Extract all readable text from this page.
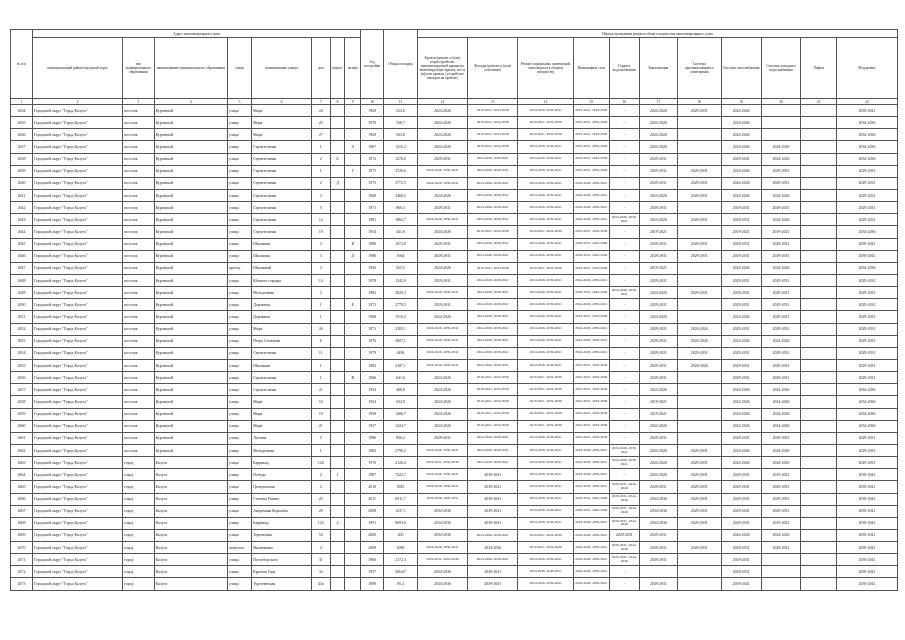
№ п/п	Адрес многоквартирного дома								Год постройки	Общая площадь	Период проведения ремонта общего имущества многоквартирного дома										
	муниципальный район/городской округ	тип муниципального образования	наименование муниципального образования	улица	наименование улицы	дом	корпус	литера			Кровля (ремонт и (или) переустройство невентилируемой крыши на вентилируемую крышу, мет и (и)утеп кровли, (устройство выходов на кровлю)	Фасады (ремонт и (или) утепление)	Ремонт подвальных помещений, относящихся к общему имуществу	Инженерные сети	Горячее водоснабжение	Канализация	Система противопожарного оповещения	Система газоснабжения	Система холодного водоснабжения	Лифты	Фундамент
1	2	3	4	5	6	7	8	9	10	11	12	13	14	15	16	17	18	19	20	21	22
2634	Городской округ "Город Калуга"	поселок	Куровской	улица	Мира	24			1968	524,6	2024-2026	2019-2021, 2034-2036	2024-2026, 2039-2041	2019-2021, 2034-2036	-	2024-2026	2029-2031	2024-2026			2039-2041
2635	Городской округ "Город Калуга"	поселок	Куровской	улица	Мира	25			1970	538,7	2024-2026	2019-2021, 2034-2036	2019-2021, 2034-2036	2019-2021, 2034-2036	-	2024-2026		2024-2026			2034-2036
2636	Городской округ "Город Калуга"	поселок	Куровской	улица	Мира	27			1968	563,8	2024-2026	2019-2021, 2034-2036	2019-2021, 2034-2036	2019-2021, 2034-2036	-	2024-2026		2024-2026			2034-2036
2637	Городской округ "Город Калуга"	поселок	Куровской	улица	Строительная	1		А	1967	1215,2	2024-2026	2019-2021, 2034-2036	2024-2026, 2039-2041	2019-2021, 2034-2036	-	2024-2026		2024-2026	2024-2026		2034-2036
2638	Городской округ "Город Калуга"	поселок	Куровской	улица	Строительная	2	Б		1972	1276,6	2029-2031	2024-2026, 2039-2041	2024-2026, 2039-2041	2019-2021, 2034-2036	-	2029-2031		2029-2031	2024-2026		2034-2036
2639	Городской округ "Город Калуга"	поселок	Куровской	улица	Строительная	1		Г	1975	3726,6	2024-2026, 2039-2041	2024-2026, 2039-2041	2024-2026, 2039-2041	2019-2021, 2034-2036	-	2029-2031	2029-2031	2024-2026	2029-2031		2029-2031
2640	Городской округ "Город Калуга"	поселок	Куровской	улица	Строительная	2	Д		1975	3772,5	2024-2026, 2039-2041	2024-2026, 2039-2041	2024-2026, 2039-2041	2024-2026, 2039-2041	-	2029-2031	2029-2031	2024-2026	2029-2031		2029-2031
2641	Городской округ "Город Калуга"	поселок	Куровской	улица	Строительная	3			1968	2466,5	2024-2026	2024-2026, 2039-2041	2024-2026, 2039-2041	2024-2026, 2039-2041	-	2024-2026	2029-2031	2024-2026	2024-2026		2029-2031
2642	Городской округ "Город Калуга"	поселок	Куровской	улица	Строительная	5			1971	860,3	2029-2031	2024-2026, 2039-2041	2024-2026, 2039-2041	2024-2026, 2039-2041	-	2029-2031		2029-2031	2029-2031		2029-2031
2643	Городской округ "Город Калуга"	поселок	Куровской	улица	Строительная	12			1981	1862,7	2024-2026, 2039-2041	2024-2026, 2039-2041	2024-2026, 2039-2041	2024-2026, 2039-2041	2024-2026, 2039-2041	2024-2026	2029-2031	2029-2031	2024-2026		2029-2031
2644	Городской округ "Город Калуга"	поселок	Куровской	улица	Строительная	19			1954	441,6	2024-2026	2019-2021, 2034-2036	2019-2021, 2034-2036	2019-2021, 2034-2036	-	2019-2021		2019-2021	2019-2021		2034-2036
2645	Городской округ "Город Калуга"	поселок	Куровской	улица	Школьная	3		В	1986	1672,8	2029-2031	2024-2026, 2039-2041	2024-2026, 2039-2041	2029-2031, 2044-2046	-	2029-2031	2029-2031	2029-2031	2029-2031		2039-2041
2646	Городской округ "Город Калуга"	поселок	Куровской	улица	Школьная	3		Д	1986	1664	2029-2031	2024-2026, 2039-2041	2024-2026, 2039-2041	2029-2031, 2044-2046	-	2029-2031	2029-2031	2029-2031	2029-2031		2039-2041
2647	Городской округ "Город Калуга"	поселок	Куровской	проезд	Школьный	3			1956	925,5	2024-2026	2019-2021, 2034-2036	2019-2021, 2034-2036	2019-2021, 2034-2036	-	2019-2021		2024-2026	2024-2026		2034-2036
2648	Городской округ "Город Калуга"	поселок	Куровской	улица	Южного городка	14			1978	1342,9	2029-2031	2024-2026, 2039-2041	2024-2026, 2039-2041	2024-2026, 2039-2041	-	2029-2031		2029-2031	2029-2031		2029-2031
2649	Городской округ "Город Калуга"	поселок	Куровской	улица	Молодежная	3			1982	3020,3	2024-2026, 2039-2041	2024-2026, 2039-2041	2024-2026, 2039-2041	2029-2031, 2044-2046	2024-2026, 2039-2041	2024-2026	2029-2031	2029-2031	2029-2031		2029-2031
2650	Городской округ "Город Калуга"	поселок	Куровской	улица	Дорожная	1		Б	1972	3778,5	2029-2031	2024-2026, 2039-2041	2024-2026, 2039-2041	2024-2026, 2039-2041	-	2029-2031		2029-2031	2029-2031		2029-2031
2651	Городской округ "Город Калуга"	поселок	Куровской	улица	Дорожная	1			1968	1519,2	2024-2026	2024-2026, 2039-2041	2024-2026, 2039-2041	2019-2021, 2034-2036	-	2024-2026		2024-2026	2029-2031		2029-2031
2652	Городской округ "Город Калуга"	поселок	Куровской	улица	Мира	26			1971	2305,1	2024-2026, 2039-2041	2024-2026, 2039-2041	2024-2026, 2039-2041	2024-2026, 2039-2041	-	2029-2031	2024-2026	2029-2031	2029-2031		2029-2031
2653	Городской округ "Город Калуга"	поселок	Куровской	улица	Петра Семенова	6			1976	3007,1	2024-2026, 2039-2041	2024-2026, 2039-2041	2024-2026, 2039-2041	2024-2026, 2039-2041	-	2029-2031	2024-2026	2024-2026	2024-2026		2029-2031
2654	Городской округ "Город Калуга"	поселок	Куровской	улица	Строительная	11			1979	4490	2024-2026, 2039-2041	2024-2026, 2039-2041	2024-2026, 2039-2041	2024-2026, 2039-2041	-	2029-2031	2029-2031	2029-2031	2029-2031		2029-2031
2655	Городской округ "Город Калуга"	поселок	Куровской	улица	Школьная	1			1982	4187,1	2024-2026, 2039-2041	2024-2026, 2039-2041	2024-2026, 2039-2041	2019-2021, 2034-2036	-	2029-2031	2024-2026	2029-2031	2029-2031		2029-2031
2656	Городской округ "Город Калуга"	поселок	Куровской	улица	Строительная	1		В	1966	641,6	2024-2026	2019-2021, 2034-2036	2019-2021, 2034-2036	2019-2021, 2034-2036	-	2029-2031		2029-2031	2029-2031		2029-2031
2657	Городской округ "Город Калуга"	поселок	Куровской	улица	Строительная	21			1954	408,9	2024-2026	2019-2021, 2034-2036	2019-2021, 2034-2036	2019-2021, 2034-2036	-	2024-2026		2024-2026	2024-2026		2034-2036
2658	Городской округ "Город Калуга"	поселок	Куровской	улица	Мира	16			1954	632,9	2024-2026	2019-2021, 2034-2036	2019-2021, 2034-2036	2019-2021, 2034-2036	-	2019-2021		2024-2026	2024-2026		2034-2036
2659	Городской округ "Город Калуга"	поселок	Куровской	улица	Мира	19			1958	1406,7	2024-2026	2019-2021, 2034-2036	2019-2021, 2034-2036	2019-2021, 2034-2036	-	2019-2021		2024-2026	2024-2026		2034-2036
2660	Городской округ "Город Калуга"	поселок	Куровской	улица	Мира	21			1957	1324,7	2024-2026	2019-2021, 2034-2036	2019-2021, 2034-2036	2019-2021, 2034-2036	-	2024-2026		2024-2026	2024-2026		2034-2036
2661	Городской округ "Город Калуга"	поселок	Куровской	улица	Луговая	5			1986	836,2	2029-2031	2024-2026, 2039-2041	2024-2026, 2039-2041	2019-2021, 2034-2036	-	2029-2031		2029-2031	2029-2031		2029-2031
2662	Городской округ "Город Калуга"	поселок	Куровской	улица	Молодежная	1			1983	2790,2	2024-2026, 2039-2041	2024-2026, 2039-2041	2024-2026, 2039-2041	2024-2026, 2039-2041	2024-2026, 2039-2041	2024-2026	2029-2031	2024-2026	2024-2026		2029-2031
2663	Городской округ "Город Калуга"	город	Калуга	улица	Баррикад	126			1970	2126,4	2019-2021, 2034-2036	2024-2026, 2039-2041	2024-2026, 2039-2041	2024-2026, 2039-2041	2024-2026, 2039-2041	2024-2026	2029-2031	2024-2026	2024-2026		2029-2031
2664	Городской округ "Город Калуга"	город	Калуга	улица	Победы	2	1		1987	7422,7	2024-2026, 2039-2041	2039-2041	2024-2026, 2039-2041	2024-2026, 2039-2041	-	2024-2026	2029-2031	2029-2031	2019-2021		2039-2041
2665	Городской округ "Город Калуга"	город	Калуга	улица	Центральная	4			2010	3025	2024-2026, 2039-2041	2039-2041	2024-2026, 2039-2041	2024-2026, 2039-2041	2029-2031, 2044-2046	2029-2031	2029-2031	2029-2031	2029-2031		2039-2041
2666	Городской округ "Город Калуга"	город	Калуга	улица	Степана Разина	25			2011	6911,7	2034-2036, 2049-2051	2039-2041	2024-2026, 2039-2041	2029-2031, 2044-2046	2029-2031, 2044-2046	2034-2036	2029-2031	2029-2031	2029-2031		2039-2041
2667	Городской округ "Город Калуга"	город	Калуга	улица	Академика Королева	29			2008	1237,1	2034-2036	2039-2041	2034-2036, 2049-2051	2029-2031, 2044-2046	2029-2031, 2044-2046	2034-2036	2029-2031	2029-2031	2029-2031		2039-2041
2668	Городской округ "Город Калуга"	город	Калуга	улица	Баррикад	123	2		1991	9693,6	2034-2036	2039-2041	2024-2026, 2039-2041	2024-2026, 2039-2041	2029-2031, 2044-2046	2034-2036	2029-2031	2029-2031	2019-2021		2039-2041
2669	Городской округ "Город Калуга"	город	Калуга	улица	Терепецкая	54			2000	200	2034-2036	2024-2026, 2039-2041	2019-2021, 2034-2036	2024-2026, 2039-2041	2029-2031	2029-2031		2024-2026	2024-2026		2039-2041
2670	Городской округ "Город Калуга"	город	Калуга	переулок	Малинники	4			2009	2090	2024-2026, 2039-2041	2034-2036	2019-2021, 2034-2036	2024-2026, 2039-2041	2029-2031, 2044-2046	2029-2031	2029-2031	2029-2031	2029-2031		2039-2041
2671	Городской округ "Город Калуга"	город	Калуга	улица	Пухтоборского	31			1960	2172,3	2029-2031, 2044-2046	2024-2026, 2039-2041	2024-2026, 2039-2041	2024-2026, 2039-2041	2029-2031, 2044-2046	2029-2031		2029-2031			2039-2041
2672	Городской округ "Город Калуга"	город	Калуга	улица	Красная Гора	32			1957	206,67	2034-2036	2039-2041	2034-2036, 2049-2051	2024-2026, 2039-2041	-			2029-2031			2039-2041
2673	Городской округ "Город Калуга"	город	Калуга	улица	Тургеневская	43а			1890	85,4	2034-2036	2039-2041	2024-2026, 2039-2041	2024-2026, 2039-2041	-	2029-2031		2039-2041			2039-2041
